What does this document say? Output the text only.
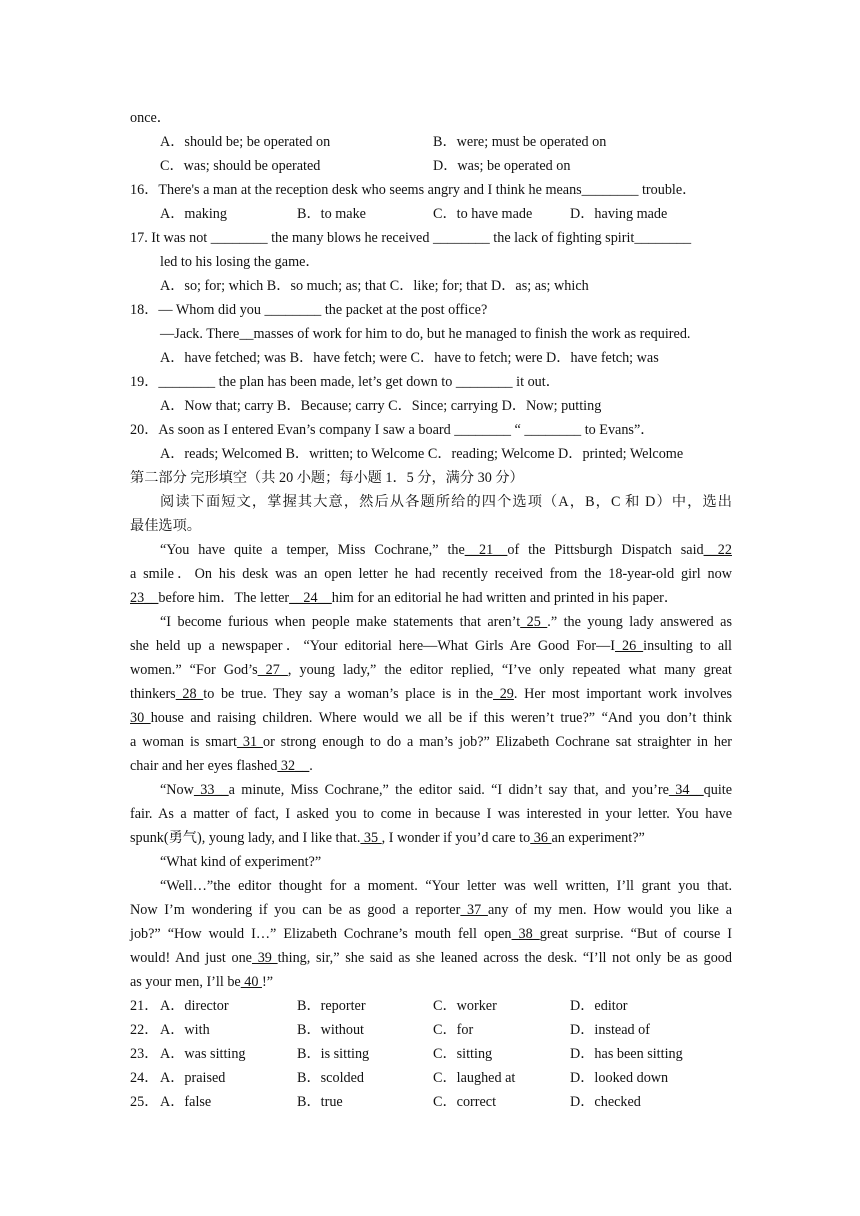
once．
A．should be; be operated on	B．were; must be operated on
C．was; should be operated	D．was; be operated on
16．There's a man at the reception desk who seems angry and I think he means________ trouble．
A．making	B．to make	C．to have made	D．having made
17. It was not ________ the many blows he received ________ the lack of fighting spirit________
led to his losing the game．
A．so; for; which B．so much; as; that C．like; for; that D．as; as; which
18．— Whom did you ________ the packet at the post office?
—Jack. There__masses of work for him to do, but he managed to finish the work as required.
A．have fetched; was B．have fetch; were C．have to fetch; were D．have fetch; was
19．________ the plan has been made, let’s get down to ________ it out．
A．Now that; carry B．Because; carry C．Since; carrying D．Now; putting
20．As soon as I entered Evan’s company I saw a board ________ “ ________ to Evans”．
A．reads; Welcomed B．written; to Welcome C．reading; Welcome D．printed; Welcome
第二部分 完形填空（共 20 小题；每小题 1．5 分，满分 30 分）
阅读下面短文，掌握其大意，然后从各题所给的四个选项（A，B，C 和 D）中，选出
最佳选项。
“You have quite a temper, Miss Cochrane,” the__21__of the Pittsburgh Dispatch said__22
a smile．On his desk was an open letter he had recently received from the 18-year-old girl now
23__before him．The letter__24__him for an editorial he had written and printed in his paper．
“I become furious when people make statements that aren’t 25 .” the young lady answered as
she held up a newspaper．“Your editorial here—What Girls Are Good For—I 26 insulting to all
women.” “For God’s 27 , young lady,” the editor replied, “I’ve only repeated what many great
thinkers 28 to be true. They say a woman’s place is in the 29. Her most important work involves
30 house and raising children. Where would we all be if this weren’t true?” “And you don’t think
a woman is smart 31 or strong enough to do a man’s job?” Elizabeth Cochrane sat straighter in her
chair and her eyes flashed 32__.
“Now 33__a minute, Miss Cochrane,” the editor said. “I didn’t say that, and you’re 34__quite
fair. As a matter of fact, I asked you to come in because I was interested in your letter. You have
spunk(勇气), young lady, and I like that. 35 , I wonder if you’d care to 36 an experiment?”
“What kind of experiment?”
“Well…”the editor thought for a moment. “Your letter was well written, I’ll grant you that.
Now I’m wondering if you can be as good a reporter 37 any of my men. How would you like a
job?” “How would I…” Elizabeth Cochrane’s mouth fell open 38 great surprise. “But of course I
would! And just one 39 thing, sir,” she said as she leaned across the desk. “I’ll not only be as good
as your men, I’ll be 40 !”
21． A．director	B．reporter	C．worker	D．editor
22． A．with	B．without	C．for	D．instead of
23． A．was sitting	B．is sitting	C．sitting	D．has been sitting
24． A．praised	B．scolded	C．laughed at	D．looked down
25． A．false	B．true	C．correct	D．checked
